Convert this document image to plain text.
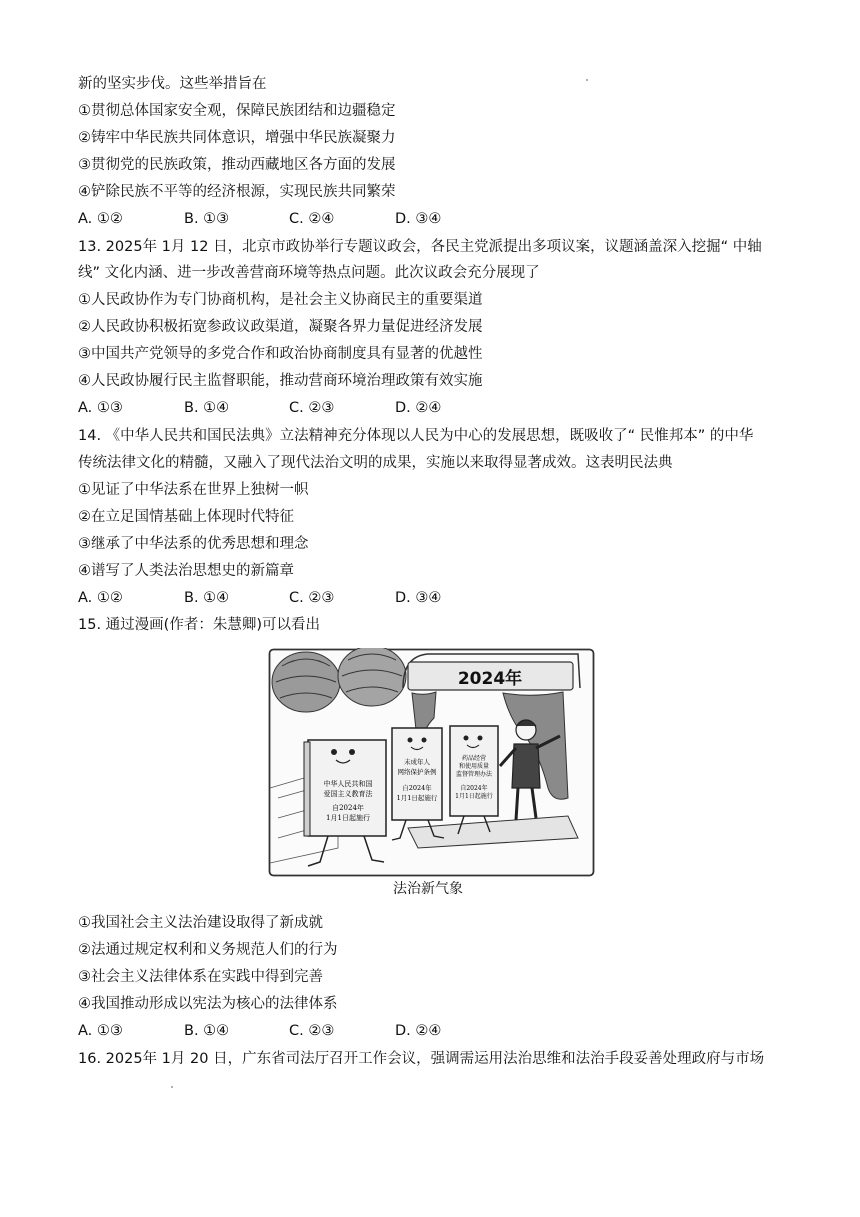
新的坚实步伐。这些举措旨在
①贯彻总体国家安全观，保障民族团结和边疆稳定
②铸牢中华民族共同体意识，增强中华民族凝聚力
③贯彻党的民族政策，推动西藏地区各方面的发展
④铲除民族不平等的经济根源，实现民族共同繁荣
A. ①②	B. ①③	C. ②④	D. ③④
13. 2025年 1月 12 日，北京市政协举行专题议政会，各民主党派提出多项议案，议题涵盖深入挖掘“ 中轴
线” 文化内涵、进一步改善营商环境等热点问题。此次议政会充分展现了
①人民政协作为专门协商机构，是社会主义协商民主的重要渠道
②人民政协积极拓宽参政议政渠道，凝聚各界力量促进经济发展
③中国共产党领导的多党合作和政治协商制度具有显著的优越性
④人民政协履行民主监督职能，推动营商环境治理政策有效实施
A. ①③	B. ①④	C. ②③	D. ②④
14. 《中华人民共和国民法典》立法精神充分体现以人民为中心的发展思想，既吸收了“ 民惟邦本” 的中华
传统法律文化的精髓，又融入了现代法治文明的成果，实施以来取得显著成效。这表明民法典
①见证了中华法系在世界上独树一帜
②在立足国情基础上体现时代特征
③继承了中华法系的优秀思想和理念
④谱写了人类法治思想史的新篇章
A. ①②	B. ①④	C. ②③	D. ③④
15. 通过漫画(作者：朱慧卿)可以看出
2024年
中华人民共和国
爱国主义教育法
自2024年
1月1日起施行
未成年人
网络保护条例
自2024年
1月1日起施行
药品经营
和使用质量
监督管理办法
自2024年
1月1日起施行
法治新气象
①我国社会主义法治建设取得了新成就
②法通过规定权利和义务规范人们的行为
③社会主义法律体系在实践中得到完善
④我国推动形成以宪法为核心的法律体系
A. ①③	B. ①④	C. ②③	D. ②④
16. 2025年 1月 20 日，广东省司法厅召开工作会议，强调需运用法治思维和法治手段妥善处理政府与市场
